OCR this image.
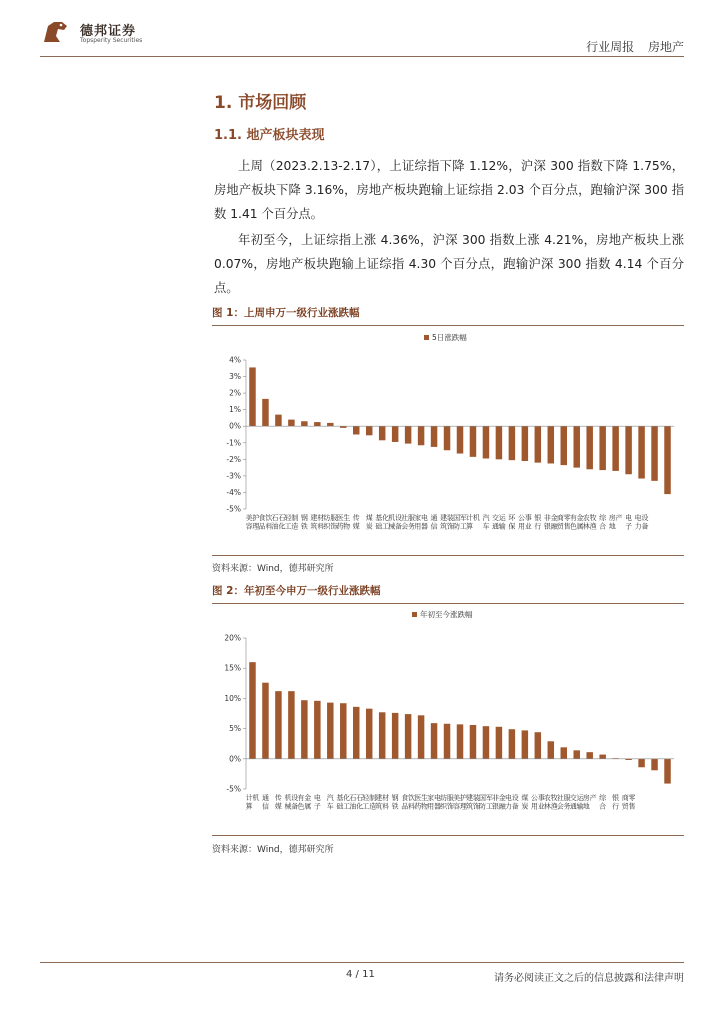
德邦证券
Topsperity Securities	行业周报 房地产
1. 市场回顾
1.1. 地产板块表现
上周（2023.2.13-2.17），上证综指下降 1.12%，沪深 300 指数下降 1.75%，房地产板块下降 3.16%，房地产板块跑输上证综指 2.03 个百分点，跑输沪深 300 指数 1.41 个百分点。
年初至今，上证综指上涨 4.36%，沪深 300 指数上涨 4.21%，房地产板块上涨 0.07%，房地产板块跑输上证综指 4.30 个百分点，跑输沪深 300 指数 4.14 个百分点。
图 1：上周申万一级行业涨跌幅
5日涨跌幅
-5%
-4%
-3%
-2%
-1%
0%
1%
2%
3%
4%
美
容
护
理
食
品
饮
料
石
油
石
化
轻
工
制
造
钢
铁
建
筑
材
料
纺
织
服
饰
医
药
生
物
传
媒
煤
炭
基
础
化
工
机
械
设
备
社
会
服
务
家
用
电
器
通
信
建
筑
装
饰
国
防
军
工
计
算
机 汽
车
交
通
运
输
环
保
公
用
事
业
银
行
非
银
金
融
商
贸
零
售
有
色
金
属
农
林
牧
渔
综
合
房
地
产 电
子
电
力
设
备
资料来源：Wind，德邦研究所
图 2：年初至今申万一级行业涨跌幅
年初至今涨跌幅
-5%
0%
5%
10%
15%
20%
计
算
机 通
信
传
媒
机
械
设
备
有
色
金
属
电
子
汽
车
基
础
化
工
石
油
石
化
轻
工
制
造
建
筑
材
料
钢
铁
食
品
饮
料
医
药
生
物
家
用
电
器
纺
织
服
饰
美
容
护
理
建
筑
装
饰
国
防
军
工
非
银
金
融
电
力
设
备
煤
炭
公
用
事
业
农
林
牧
渔
社
会
服
务
交
通
运
输
房
地
产 综
合
银
行
商
贸
零
售
资料来源：Wind，德邦研究所
4 / 11	请务必阅读正文之后的信息披露和法律声明
